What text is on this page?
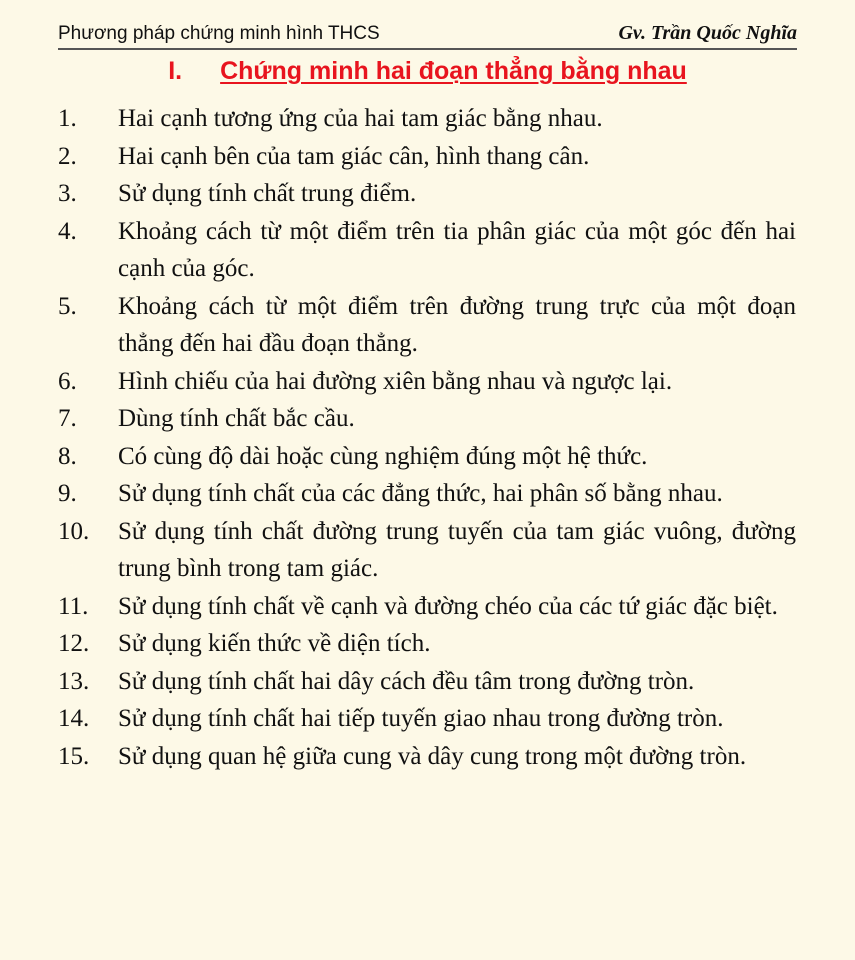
Phương pháp chứng minh hình THCS	Gv. Trần Quốc Nghĩa
I. Chứng minh hai đoạn thẳng bằng nhau
1.	Hai cạnh tương ứng của hai tam giác bằng nhau.
2.	Hai cạnh bên của tam giác cân, hình thang cân.
3.	Sử dụng tính chất trung điểm.
4.	Khoảng cách từ một điểm trên tia phân giác của một góc đến hai cạnh của góc.
5.	Khoảng cách từ một điểm trên đường trung trực của một đoạn thẳng đến hai đầu đoạn thẳng.
6.	Hình chiếu của hai đường xiên bằng nhau và ngược lại.
7.	Dùng tính chất bắc cầu.
8.	Có cùng độ dài hoặc cùng nghiệm đúng một hệ thức.
9.	Sử dụng tính chất của các đẳng thức, hai phân số bằng nhau.
10.	Sử dụng tính chất đường trung tuyến của tam giác vuông, đường trung bình trong tam giác.
11.	Sử dụng tính chất về cạnh và đường chéo của các tứ giác đặc biệt.
12.	Sử dụng kiến thức về diện tích.
13.	Sử dụng tính chất hai dây cách đều tâm trong đường tròn.
14.	Sử dụng tính chất hai tiếp tuyến giao nhau trong đường tròn.
15.	Sử dụng quan hệ giữa cung và dây cung trong một đường tròn.
